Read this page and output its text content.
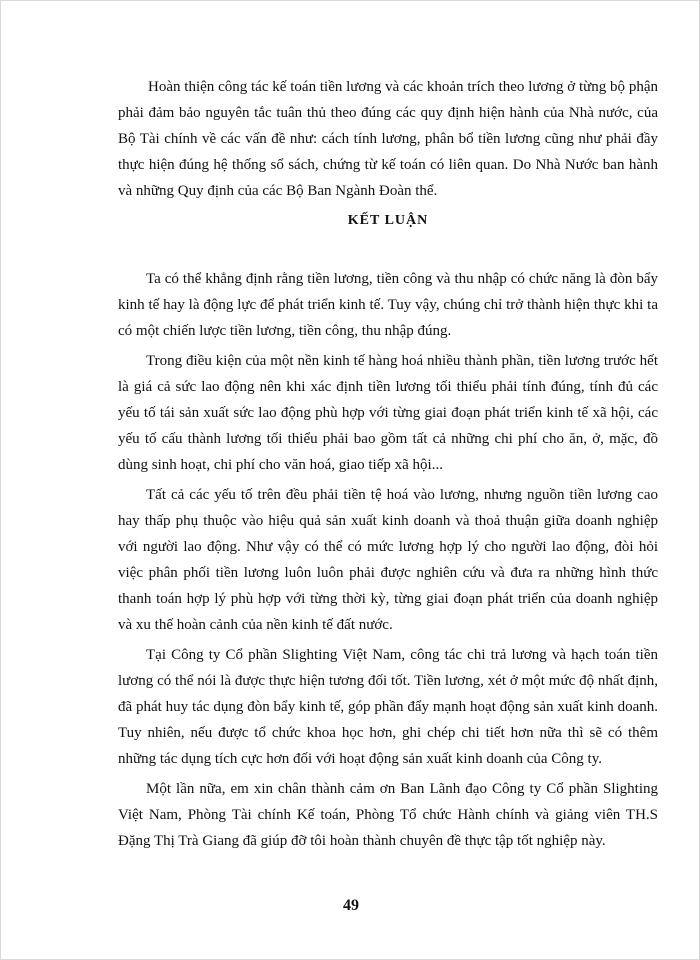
Hoàn thiện công tác kế toán tiền lương và các khoản trích theo lương ở từng bộ phận phải đảm bảo nguyên tắc tuân thủ theo đúng các quy định hiện hành của Nhà nước, của Bộ Tài chính về các vấn đề như: cách tính lương, phân bổ tiền lương cũng như phải đầy thực hiện đúng hệ thống sổ sách, chứng từ kế toán có liên quan. Do Nhà Nước ban hành và những Quy định của các Bộ Ban Ngành Đoàn thể.

KẾT LUẬN

Ta có thể khẳng định rằng tiền lương, tiền công và thu nhập có chức năng là đòn bẩy kinh tế hay là động lực để phát triển kinh tế. Tuy vậy, chúng chỉ trở thành hiện thực khi ta có một chiến lược tiền lương, tiền công, thu nhập đúng.

Trong điều kiện của một nền kinh tế hàng hoá nhiều thành phần, tiền lương trước hết là giá cả sức lao động nên khi xác định tiền lương tối thiểu phải tính đúng, tính đủ các yếu tố tái sản xuất sức lao động phù hợp với từng giai đoạn phát triển kinh tế xã hội, các yếu tố cấu thành lương tối thiểu phải bao gồm tất cả những chi phí cho ăn, ở, mặc, đồ dùng sinh hoạt, chi phí cho văn hoá, giao tiếp xã hội...

Tất cả các yếu tố trên đều phải tiền tệ hoá vào lương, nhưng nguồn tiền lương cao hay thấp phụ thuộc vào hiệu quả sản xuất kinh doanh và thoả thuận giữa doanh nghiệp với người lao động. Như vậy có thể có mức lương hợp lý cho người lao động, đòi hỏi việc phân phối tiền lương luôn luôn phải được nghiên cứu và đưa ra những hình thức thanh toán hợp lý phù hợp với từng thời kỳ, từng giai đoạn phát triển của doanh nghiệp và xu thế hoàn cảnh của nền kinh tế đất nước.

Tại Công ty Cổ phần Slighting Việt Nam, công tác chi trả lương và hạch toán tiền lương có thể nói là được thực hiện tương đối tốt. Tiền lương, xét ở một mức độ nhất định, đã phát huy tác dụng đòn bẩy kinh tế, góp phần đẩy mạnh hoạt động sản xuất kinh doanh. Tuy nhiên, nếu được tổ chức khoa học hơn, ghi chép chi tiết hơn nữa thì sẽ có thêm những tác dụng tích cực hơn đối với hoạt động sản xuất kinh doanh của Công ty.

Một lần nữa, em xin chân thành cảm ơn Ban Lãnh đạo Công ty Cổ phần Slighting Việt Nam, Phòng Tài chính Kế toán, Phòng Tổ chức Hành chính và giảng viên TH.S Đặng Thị Trà Giang đã giúp đỡ tôi hoàn thành chuyên đề thực tập tốt nghiệp này.

49
